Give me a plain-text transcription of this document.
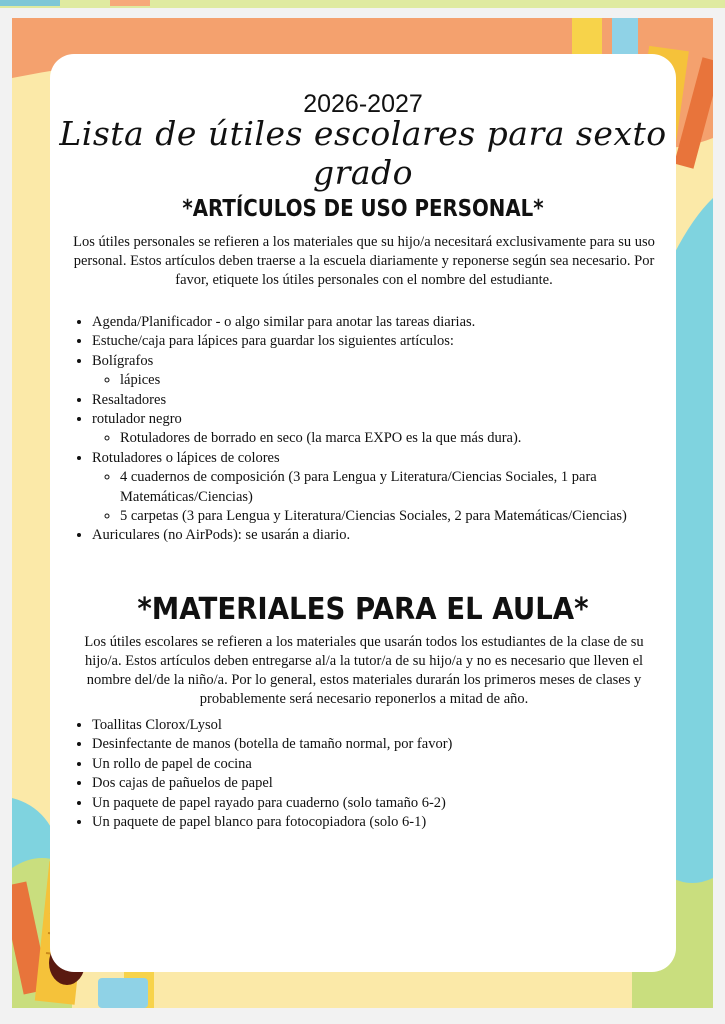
2026-2027
Lista de útiles escolares para sexto grado
*ARTÍCULOS DE USO PERSONAL*
Los útiles personales se refieren a los materiales que su hijo/a necesitará exclusivamente para su uso personal. Estos artículos deben traerse a la escuela diariamente y reponerse según sea necesario. Por favor, etiquete los útiles personales con el nombre del estudiante.
• Agenda/Planificador - o algo similar para anotar las tareas diarias.
• Estuche/caja para lápices para guardar los siguientes artículos:
• Bolígrafos
◦ lápices
• Resaltadores
• rotulador negro
◦ Rotuladores de borrado en seco (la marca EXPO es la que más dura).
• Rotuladores o lápices de colores
◦ 4 cuadernos de composición (3 para Lengua y Literatura/Ciencias Sociales, 1 para Matemáticas/Ciencias)
◦ 5 carpetas (3 para Lengua y Literatura/Ciencias Sociales, 2 para Matemáticas/Ciencias)
• Auriculares (no AirPods): se usarán a diario.
*MATERIALES PARA EL AULA*
Los útiles escolares se refieren a los materiales que usarán todos los estudiantes de la clase de su hijo/a. Estos artículos deben entregarse al/a la tutor/a de su hijo/a y no es necesario que lleven el nombre del/de la niño/a. Por lo general, estos materiales durarán los primeros meses de clases y probablemente será necesario reponerlos a mitad de año.
• Toallitas Clorox/Lysol
• Desinfectante de manos (botella de tamaño normal, por favor)
• Un rollo de papel de cocina
• Dos cajas de pañuelos de papel
• Un paquete de papel rayado para cuaderno (solo tamaño 6-2)
• Un paquete de papel blanco para fotocopiadora (solo 6-1)
